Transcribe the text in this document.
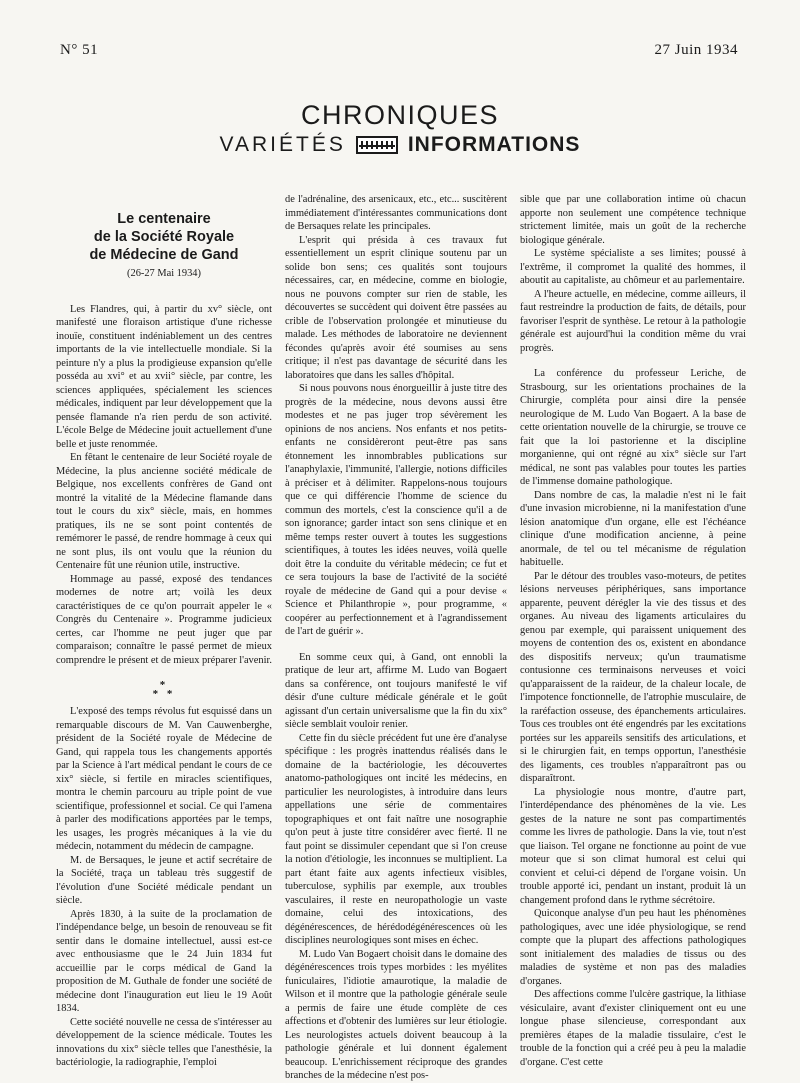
N° 51	27 Juin 1934
CHRONIQUES
VARIÉTÉS	INFORMATIONS
Le centenaire
de la Société Royale
de Médecine de Gand
(26-27 Mai 1934)

Les Flandres, qui, à partir du xv° siècle, ont manifesté une floraison artistique d'une richesse inouïe, constituent indéniablement un des centres importants de la vie intellectuelle mondiale. Si la peinture n'y a plus la prodigieuse expansion qu'elle posséda au xvi° et au xvii° siècle, par contre, les sciences appliquées, spécialement les sciences médicales, indiquent par leur développement que la pensée flamande n'a rien perdu de son activité. L'école Belge de Médecine jouit actuellement d'une belle et juste renommée.

En fêtant le centenaire de leur Société royale de Médecine, la plus ancienne société médicale de Belgique, nos excellents confrères de Gand ont montré la vitalité de la Médecine flamande dans tout le cours du xix° siècle, mais, en hommes pratiques, ils ne se sont point contentés de remémorer le passé, de rendre hommage à ceux qui ne sont plus, ils ont voulu que la réunion du Centenaire fût une réunion utile, instructive.

Hommage au passé, exposé des tendances modernes de notre art; voilà les deux caractéristiques de ce qu'on pourrait appeler le « Congrès du Centenaire ». Programme judicieux certes, car l'homme ne peut juger que par comparaison; connaître le passé permet de mieux comprendre le présent et de mieux préparer l'avenir.

*
* *

L'exposé des temps révolus fut esquissé dans un remarquable discours de M. Van Cauwenberghe, président de la Société royale de Médecine de Gand, qui rappela tous les changements apportés par la Science à l'art médical pendant le cours de ce xix° siècle, si fertile en miracles scientifiques, montra le chemin parcouru au triple point de vue scientifique, professionnel et social. Ce qui l'amena à parler des modifications apportées par le temps, les usages, les progrès mécaniques à la vie du médecin, notamment du médecin de campagne.

M. de Bersaques, le jeune et actif secrétaire de la Société, traça un tableau très suggestif de l'évolution d'une Société médicale pendant un siècle.

Après 1830, à la suite de la proclamation de l'indépendance belge, un besoin de renouveau se fit sentir dans le domaine intellectuel, aussi est-ce avec enthousiasme que le 24 Juin 1834 fut accueillie par le corps médical de Gand la proposition de M. Guthale de fonder une société de médecine dont l'inauguration eut lieu le 19 Août 1834.

Cette société nouvelle ne cessa de s'intéresser au développement de la science médicale. Toutes les innovations du xix° siècle telles que l'anesthésie, la bactériologie, la radiographie, l'emploi

de l'adrénaline, des arsenicaux, etc., etc... suscitèrent immédiatement d'intéressantes communications dont de Bersaques relate les principales.

L'esprit qui présida à ces travaux fut essentiellement un esprit clinique soutenu par un solide bon sens; ces qualités sont toujours nécessaires, car, en médecine, comme en biologie, nous ne pouvons compter sur rien de stable, les découvertes se succèdent qui doivent être passées au crible de l'observation prolongée et minutieuse du malade. Les méthodes de laboratoire ne deviennent fécondes qu'après avoir été soumises au sens critique; il n'est pas davantage de sécurité dans les laboratoires que dans les salles d'hôpital.

Si nous pouvons nous énorgueillir à juste titre des progrès de la médecine, nous devons aussi être modestes et ne pas juger trop sévèrement les opinions de nos anciens. Nos enfants et nos petits-enfants ne considèreront peut-être pas sans étonnement les innombrables publications sur l'anaphylaxie, l'immunité, l'allergie, notions difficiles à préciser et à délimiter. Rappelons-nous toujours que ce qui différencie l'homme de science du commun des mortels, c'est la conscience qu'il a de son ignorance; garder intact son sens clinique et en même temps rester ouvert à toutes les suggestions scientifiques, à toutes les idées neuves, voilà quelle doit être la conduite du véritable médecin; ce fut et ce sera toujours la base de l'activité de la société royale de médecine de Gand qui a pour devise « Science et Philanthropie », pour programme, « coopérer au perfectionnement et à l'agrandissement de l'art de guérir ».

En somme ceux qui, à Gand, ont ennobli la pratique de leur art, affirme M. Ludo van Bogaert dans sa conférence, ont toujours manifesté le vif désir d'une culture médicale générale et le goût agissant d'un certain universalisme que la fin du xix° siècle semblait vouloir renier.

Cette fin du siècle précédent fut une ère d'analyse spécifique : les progrès inattendus réalisés dans le domaine de la bactériologie, les découvertes anatomo-pathologiques ont incité les médecins, en particulier les neurologistes, à introduire dans leurs appellations une série de commentaires topographiques et ont fait naître une nosographie qu'on peut à juste titre considérer avec fierté. Il ne faut point se dissimuler cependant que si l'on creuse la notion d'étiologie, les inconnues se multiplient. La part étant faite aux agents infectieux visibles, tuberculose, syphilis par exemple, aux troubles vasculaires, il reste en neuropathologie un vaste domaine, celui des intoxications, des dégénérescences, de hérédodégénérescences où les disciplines neurologiques sont mises en échec.

M. Ludo Van Bogaert choisit dans le domaine des dégénérescences trois types morbides : les myélites funiculaires, l'idiotie amaurotique, la maladie de Wilson et il montre que la pathologie générale seule a permis de faire une étude complète de ces affections et d'obtenir des lumières sur leur étiologie. Les neurologistes actuels doivent beaucoup à la pathologie générale et lui donnent également beaucoup. L'enrichissement réciproque des grandes branches de la médecine n'est pos-

sible que par une collaboration intime où chacun apporte non seulement une compétence technique strictement limitée, mais un goût de la recherche biologique générale.

Le système spécialiste a ses limites; poussé à l'extrême, il compromet la qualité des hommes, il aboutit au capitaliste, au chômeur et au parlementaire.

A l'heure actuelle, en médecine, comme ailleurs, il faut restreindre la production de faits, de détails, pour favoriser l'esprit de synthèse. Le retour à la pathologie générale est aujourd'hui la condition même du vrai progrès.

La conférence du professeur Leriche, de Strasbourg, sur les orientations prochaines de la Chirurgie, compléta pour ainsi dire la pensée neurologique de M. Ludo Van Bogaert. A la base de cette orientation nouvelle de la chirurgie, se trouve ce fait que la loi pastorienne et la discipline morganienne, qui ont régné au xix° siècle sur l'art médical, ne sont pas valables pour toutes les parties de l'immense domaine pathologique.

Dans nombre de cas, la maladie n'est ni le fait d'une invasion microbienne, ni la manifestation d'une lésion anatomique d'un organe, elle est l'échéance clinique d'une modification ancienne, à peine anormale, de tel ou tel mécanisme de régulation habituelle.

Par le détour des troubles vaso-moteurs, de petites lésions nerveuses périphériques, sans importance apparente, peuvent dérégler la vie des tissus et des organes. Au niveau des ligaments articulaires du genou par exemple, qui paraissent uniquement des moyens de contention des os, existent en abondance des dispositifs nerveux; qu'un traumatisme contusionne ces terminaisons nerveuses et voici qu'apparaissent de la raideur, de la chaleur locale, de l'impotence fonctionnelle, de l'atrophie musculaire, de la raréfaction osseuse, des épanchements articulaires. Tous ces troubles ont été engendrés par les excitations portées sur les appareils sensitifs des articulations, et si le chirurgien fait, en temps opportun, l'anesthésie des ligaments, ces troubles n'apparaîtront pas ou disparaîtront.

La physiologie nous montre, d'autre part, l'interdépendance des phénomènes de la vie. Les gestes de la nature ne sont pas compartimentés comme les livres de pathologie. Dans la vie, tout n'est que liaison. Tel organe ne fonctionne au point de vue moteur que si son climat humoral est celui qui convient et celui-ci dépend de l'organe voisin. Un trouble apporté ici, pendant un instant, produit là un changement profond dans le rythme sécrétoire.

Quiconque analyse d'un peu haut les phénomènes pathologiques, avec une idée physiologique, se rend compte que la plupart des affections pathologiques sont initialement des maladies de tissus ou des maladies de système et non pas des maladies d'organes.

Des affections comme l'ulcère gastrique, la lithiase vésiculaire, avant d'exister cliniquement ont eu une longue phase silencieuse, correspondant aux premières étapes de la maladie tissulaire, c'est le trouble de la fonction qui a créé peu à peu la maladie d'organe. C'est cette
